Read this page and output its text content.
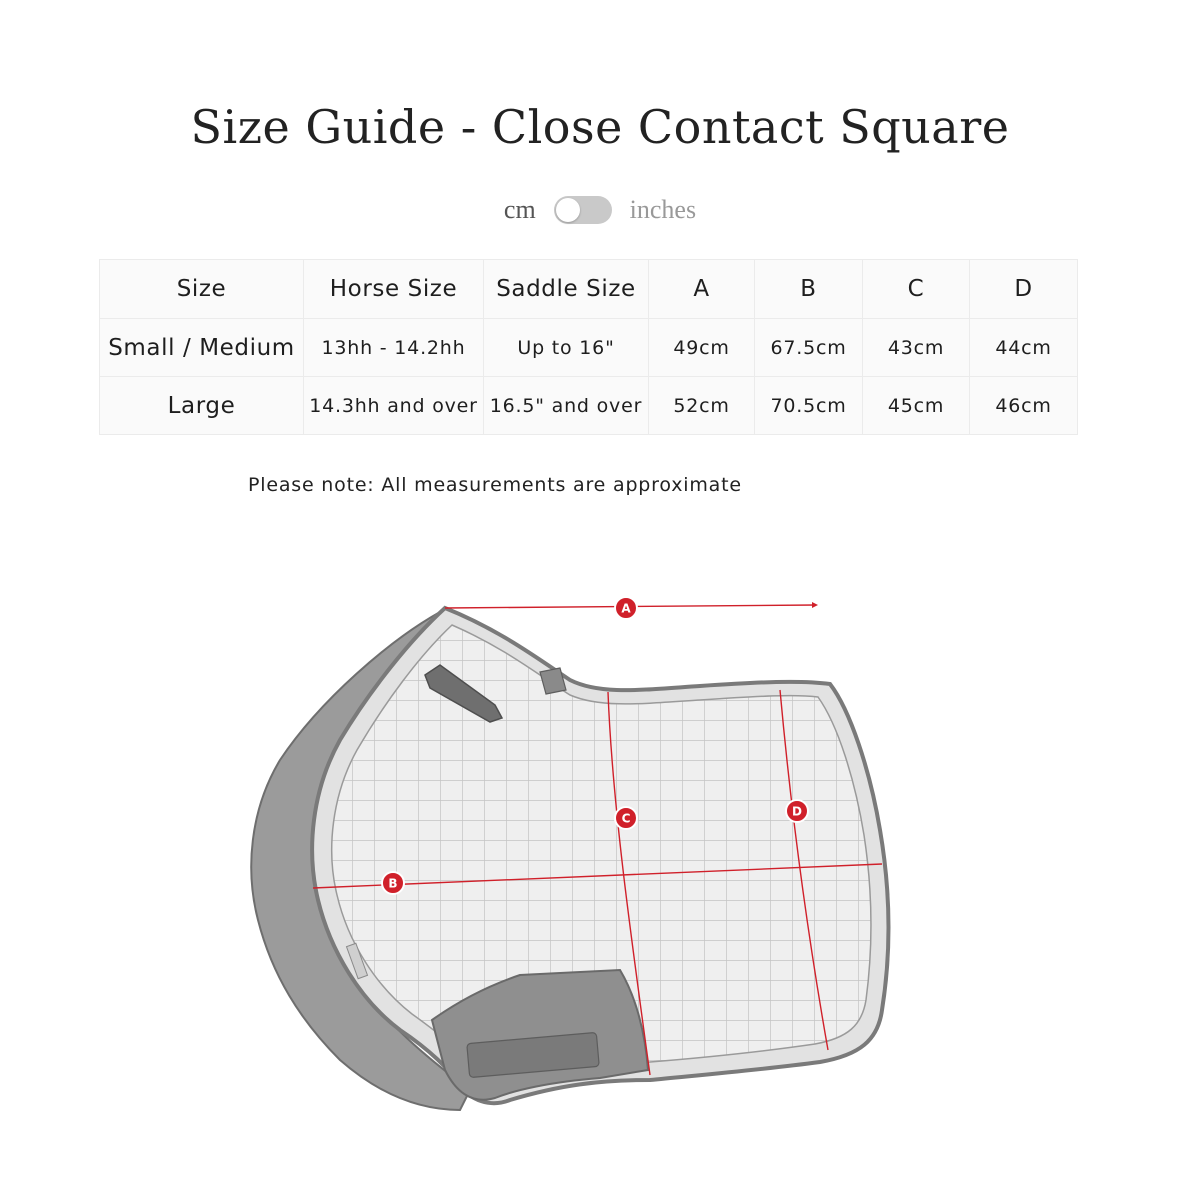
Size Guide - Close Contact Square
cm	inches
Size	Horse Size	Saddle Size	A	B	C	D
Small / Medium	13hh - 14.2hh	Up to 16"	49cm	67.5cm	43cm	44cm
Large	14.3hh and over	16.5" and over	52cm	70.5cm	45cm	46cm
Please note: All measurements are approximate
A
B
C	D
